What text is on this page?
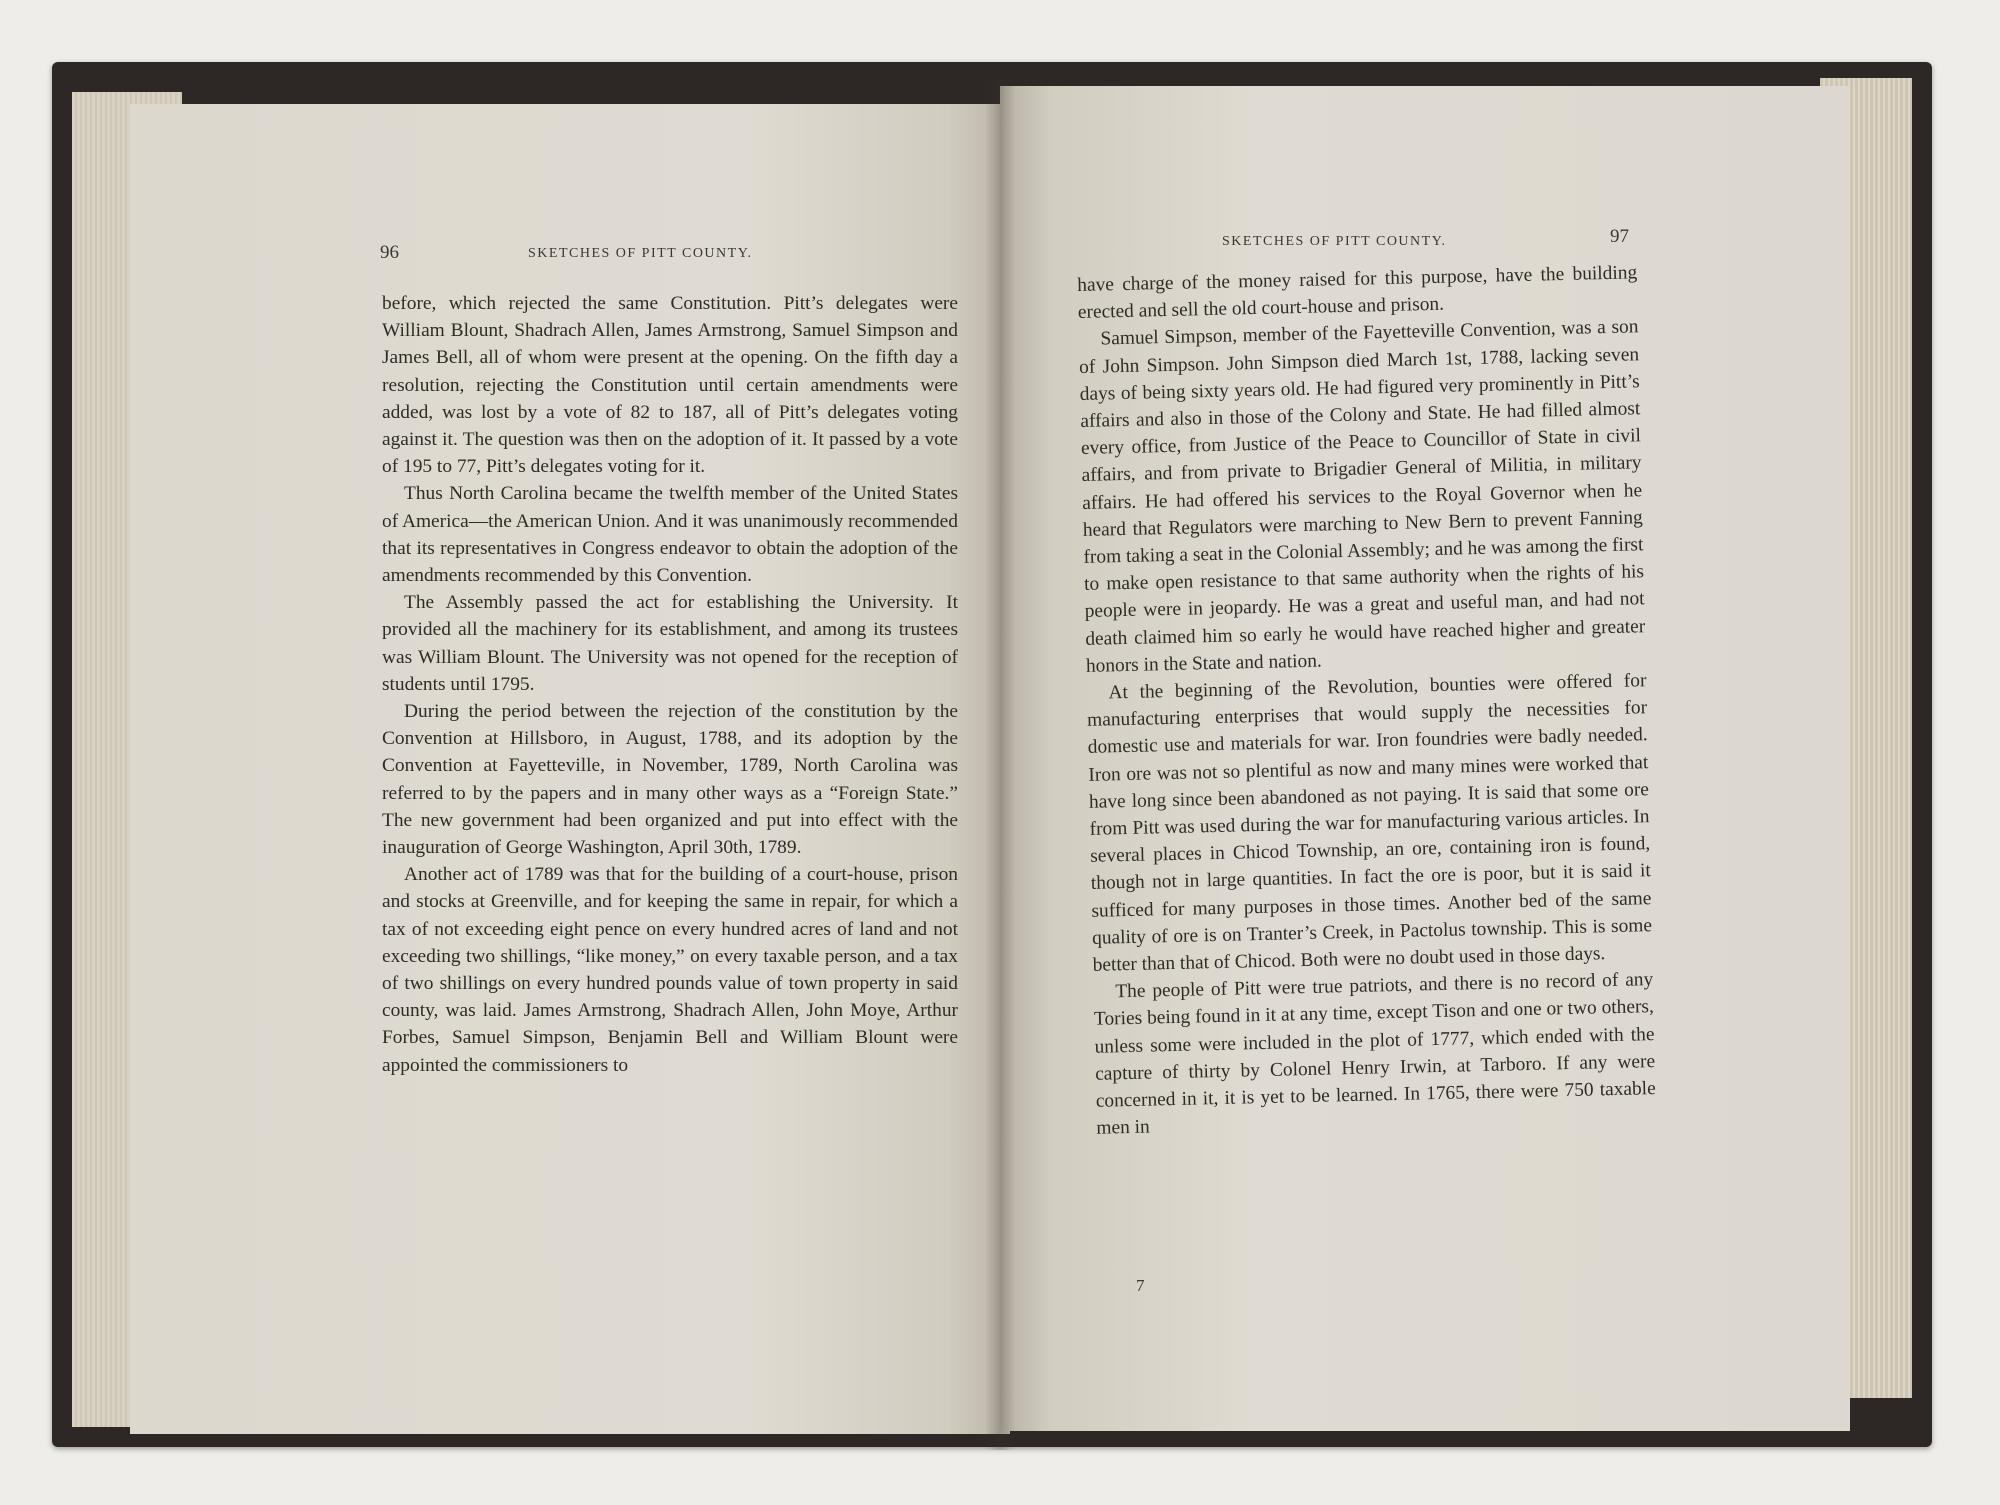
96	SKETCHES OF PITT COUNTY.

before, which rejected the same Constitution. Pitt’s delegates were William Blount, Shadrach Allen, James Armstrong, Samuel Simpson and James Bell, all of whom were present at the opening. On the fifth day a resolution, rejecting the Constitution until certain amendments were added, was lost by a vote of 82 to 187, all of Pitt’s delegates voting against it. The question was then on the adoption of it. It passed by a vote of 195 to 77, Pitt’s delegates voting for it.

Thus North Carolina became the twelfth member of the United States of America—the American Union. And it was unanimously recommended that its representatives in Congress endeavor to obtain the adoption of the amendments recommended by this Convention.

The Assembly passed the act for establishing the University. It provided all the machinery for its establishment, and among its trustees was William Blount. The University was not opened for the reception of students until 1795.

During the period between the rejection of the constitution by the Convention at Hillsboro, in August, 1788, and its adoption by the Convention at Fayetteville, in November, 1789, North Carolina was referred to by the papers and in many other ways as a “Foreign State.” The new government had been organized and put into effect with the inauguration of George Washington, April 30th, 1789.

Another act of 1789 was that for the building of a court-house, prison and stocks at Greenville, and for keeping the same in repair, for which a tax of not exceeding eight pence on every hundred acres of land and not exceeding two shillings, “like money,” on every taxable person, and a tax of two shillings on every hundred pounds value of town property in said county, was laid. James Armstrong, Shadrach Allen, John Moye, Arthur Forbes, Samuel Simpson, Benjamin Bell and William Blount were appointed the commissioners to

SKETCHES OF PITT COUNTY.	97

have charge of the money raised for this purpose, have the building erected and sell the old court-house and prison.

Samuel Simpson, member of the Fayetteville Convention, was a son of John Simpson. John Simpson died March 1st, 1788, lacking seven days of being sixty years old. He had figured very prominently in Pitt’s affairs and also in those of the Colony and State. He had filled almost every office, from Justice of the Peace to Councillor of State in civil affairs, and from private to Brigadier General of Militia, in military affairs. He had offered his services to the Royal Governor when he heard that Regulators were marching to New Bern to prevent Fanning from taking a seat in the Colonial Assembly; and he was among the first to make open resistance to that same authority when the rights of his people were in jeopardy. He was a great and useful man, and had not death claimed him so early he would have reached higher and greater honors in the State and nation.

At the beginning of the Revolution, bounties were offered for manufacturing enterprises that would supply the necessities for domestic use and materials for war. Iron foundries were badly needed. Iron ore was not so plentiful as now and many mines were worked that have long since been abandoned as not paying. It is said that some ore from Pitt was used during the war for manufacturing various articles. In several places in Chicod Township, an ore, containing iron is found, though not in large quantities. In fact the ore is poor, but it is said it sufficed for many purposes in those times. Another bed of the same quality of ore is on Tranter’s Creek, in Pactolus township. This is some better than that of Chicod. Both were no doubt used in those days.

The people of Pitt were true patriots, and there is no record of any Tories being found in it at any time, except Tison and one or two others, unless some were included in the plot of 1777, which ended with the capture of thirty by Colonel Henry Irwin, at Tarboro. If any were concerned in it, it is yet to be learned. In 1765, there were 750 taxable men in

7
